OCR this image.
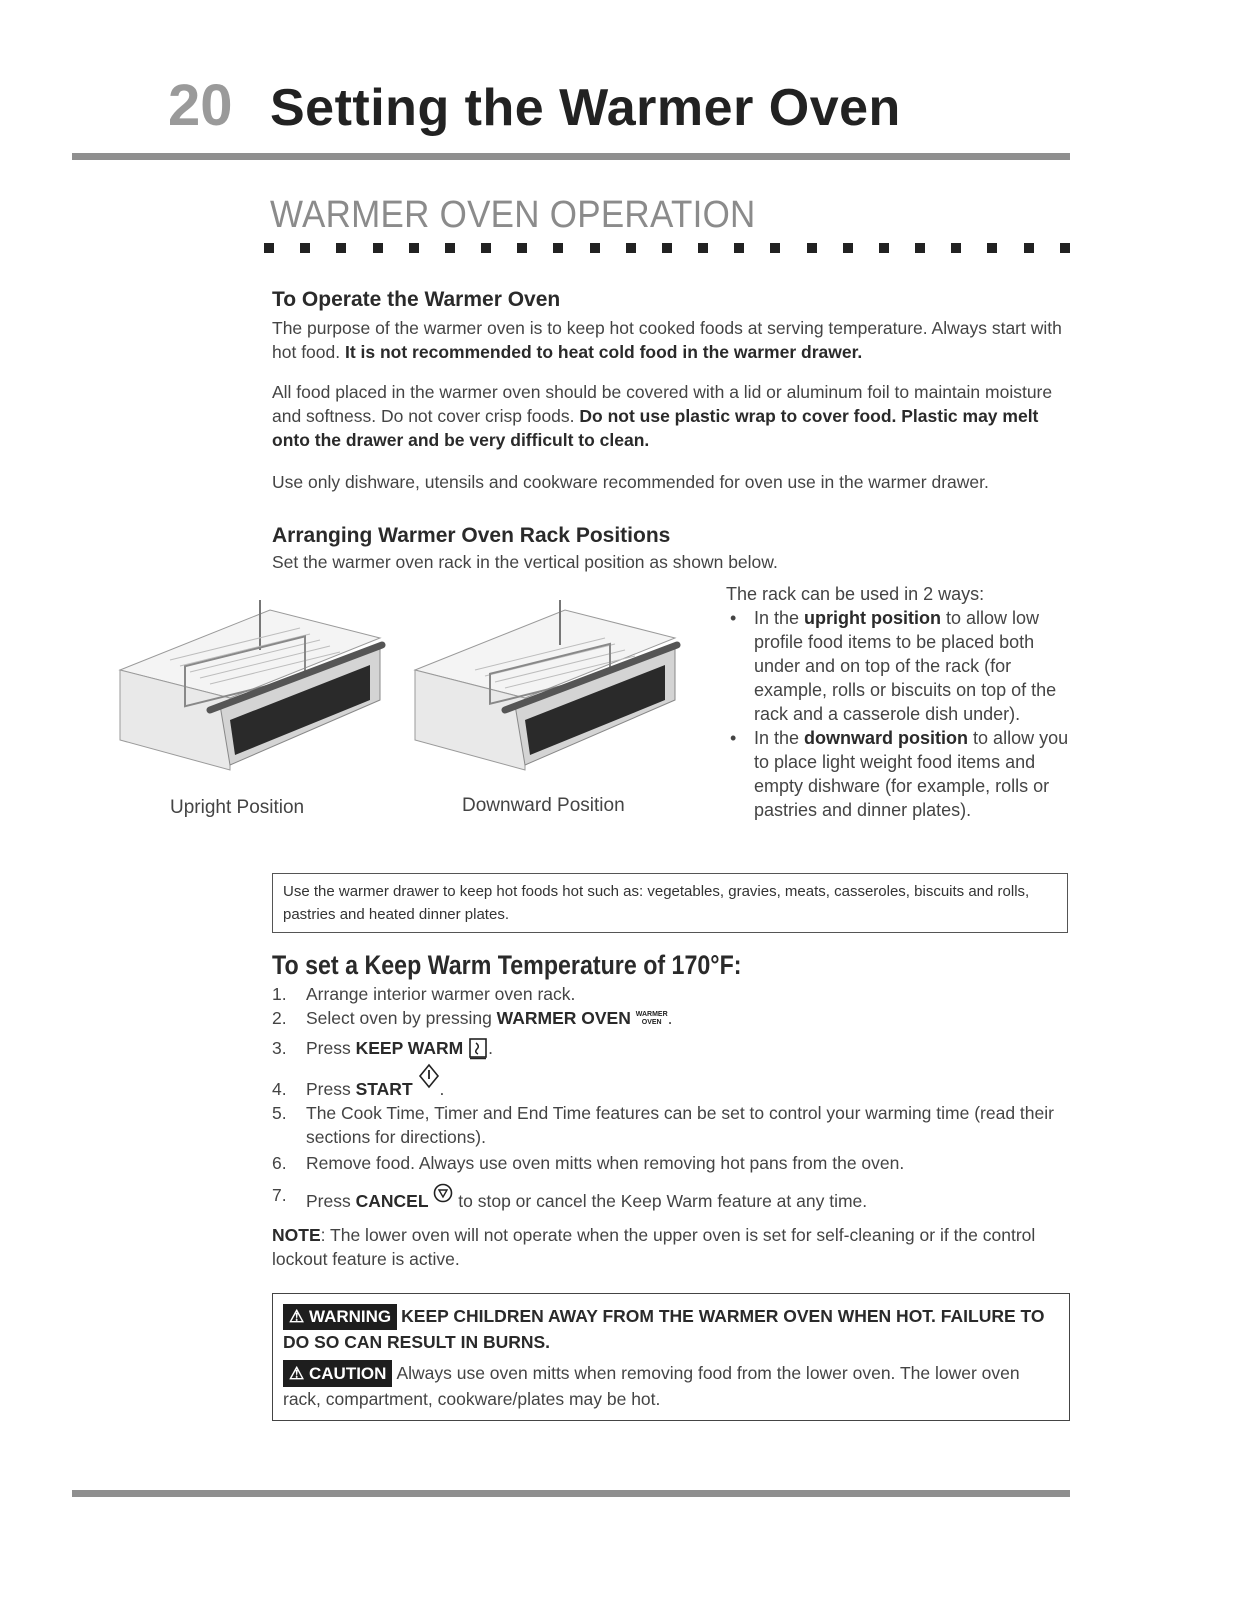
20 Setting the Warmer Oven
WARMER OVEN OPERATION
To Operate the Warmer Oven
The purpose of the warmer oven is to keep hot cooked foods at serving temperature. Always start with hot food. It is not recommended to heat cold food in the warmer drawer.
All food placed in the warmer oven should be covered with a lid or aluminum foil to maintain moisture and softness. Do not cover crisp foods. Do not use plastic wrap to cover food. Plastic may melt onto the drawer and be very difficult to clean.
Use only dishware, utensils and cookware recommended for oven use in the warmer drawer.
Arranging Warmer Oven Rack Positions
Set the warmer oven rack in the vertical position as shown below.
Upright Position	Downward Position
The rack can be used in 2 ways:
• In the upright position to allow low profile food items to be placed both under and on top of the rack (for example, rolls or biscuits on top of the rack and a casserole dish under).
• In the downward position to allow you to place light weight food items and empty dishware (for example, rolls or pastries and dinner plates).
Use the warmer drawer to keep hot foods hot such as: vegetables, gravies, meats, casseroles, biscuits and rolls, pastries and heated dinner plates.
To set a Keep Warm Temperature of 170°F:
1.	Arrange interior warmer oven rack.
2.	Select oven by pressing WARMER OVEN WARMER
OVEN .
3.	Press KEEP WARM .
4.	Press START .
5.	The Cook Time, Timer and End Time features can be set to control your warming time (read their sections for directions).
6.	Remove food. Always use oven mitts when removing hot pans from the oven.
7.	Press CANCEL  to stop or cancel the Keep Warm feature at any time.
NOTE: The lower oven will not operate when the upper oven is set for self-cleaning or if the control lockout feature is active.
⚠ WARNING KEEP CHILDREN AWAY FROM THE WARMER OVEN WHEN HOT. FAILURE TO DO SO CAN RESULT IN BURNS.
⚠ CAUTION Always use oven mitts when removing food from the lower oven. The lower oven rack, compartment, cookware/plates may be hot.
